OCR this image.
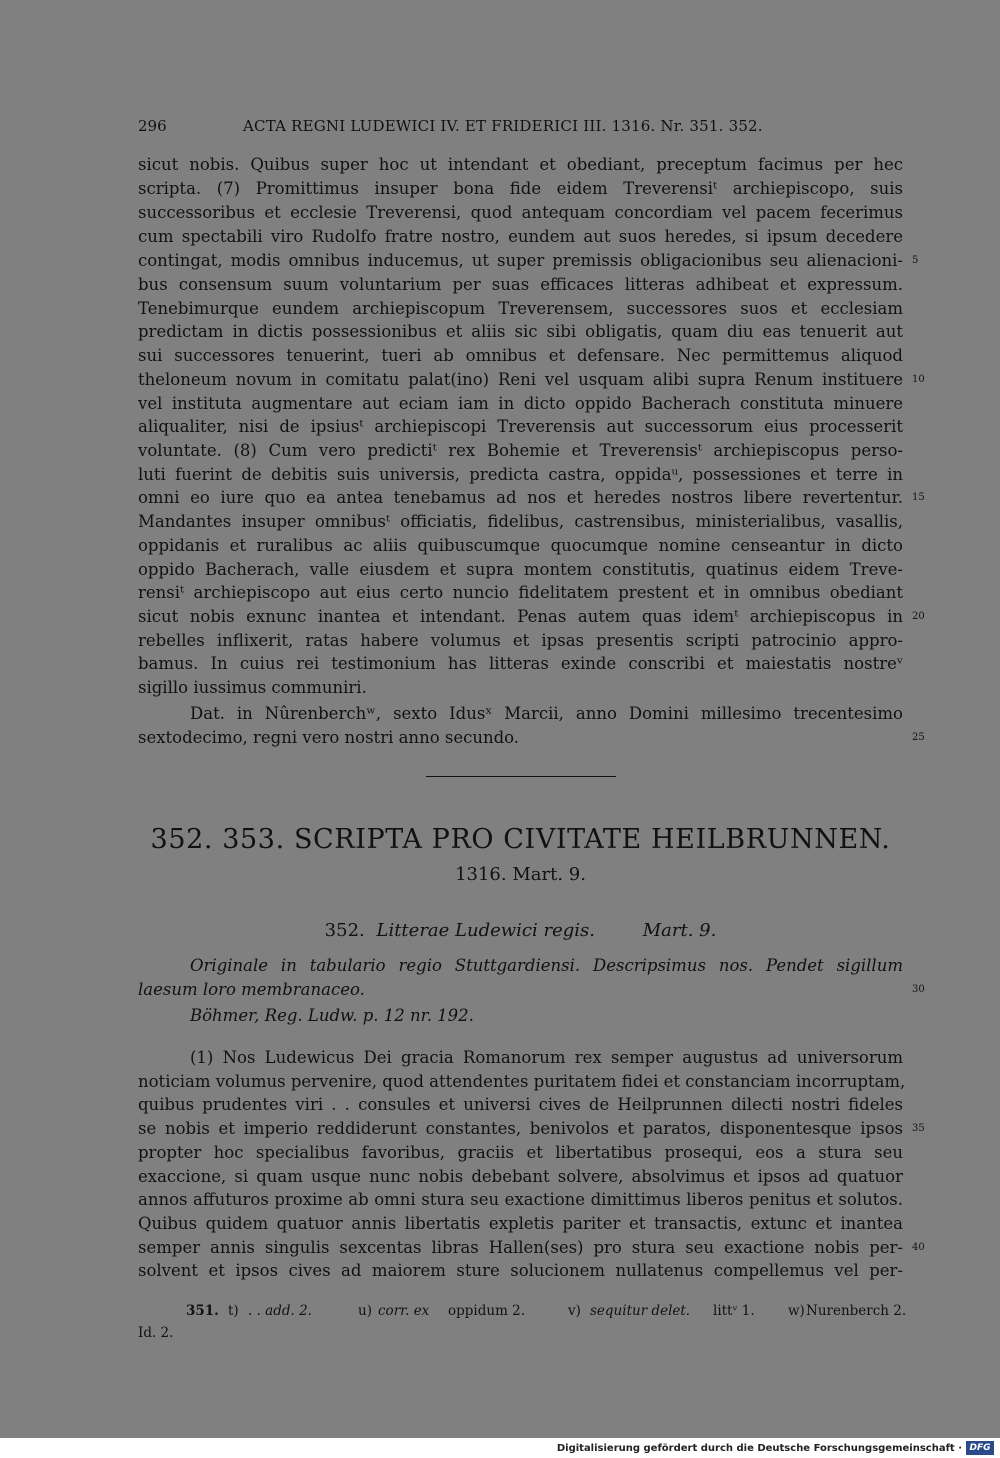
296	ACTA REGNI LUDEWICI IV. ET FRIDERICI III. 1316. Nr. 351. 352.
sicut nobis. Quibus super hoc ut intendant et obediant, preceptum facimus per hec
scripta. (7) Promittimus insuper bona fide eidem Treverensiᵗ archiepiscopo, suis
successoribus et ecclesie Treverensi, quod antequam concordiam vel pacem fecerimus
cum spectabili viro Rudolfo fratre nostro, eundem aut suos heredes, si ipsum decedere
contingat, modis omnibus inducemus, ut super premissis obligacionibus seu alienacioni-
bus consensum suum voluntarium per suas efficaces litteras adhibeat et expressum.
Tenebimurque eundem archiepiscopum Treverensem, successores suos et ecclesiam
predictam in dictis possessionibus et aliis sic sibi obligatis, quam diu eas tenuerit aut
sui successores tenuerint, tueri ab omnibus et defensare. Nec permittemus aliquod
theloneum novum in comitatu palat(ino) Reni vel usquam alibi supra Renum instituere
vel instituta augmentare aut eciam iam in dicto oppido Bacherach constituta minuere
aliqualiter, nisi de ipsiusᵗ archiepiscopi Treverensis aut successorum eius processerit
voluntate. (8) Cum vero predictiᵗ rex Bohemie et Treverensisᵗ archiepiscopus perso-
luti fuerint de debitis suis universis, predicta castra, oppidaᵘ, possessiones et terre in
omni eo iure quo ea antea tenebamus ad nos et heredes nostros libere revertentur.
Mandantes insuper omnibusᵗ officiatis, fidelibus, castrensibus, ministerialibus, vasallis,
oppidanis et ruralibus ac aliis quibuscumque quocumque nomine censeantur in dicto
oppido Bacherach, valle eiusdem et supra montem constitutis, quatinus eidem Treve-
rensiᵗ archiepiscopo aut eius certo nuncio fidelitatem prestent et in omnibus obediant
sicut nobis exnunc inantea et intendant. Penas autem quas idemᵗ archiepiscopus in
rebelles inflixerit, ratas habere volumus et ipsas presentis scripti patrocinio appro-
bamus. In cuius rei testimonium has litteras exinde conscribi et maiestatis nostreᵛ
sigillo iussimus communiri.
Dat. in Nûrenberchʷ, sexto Idusˣ Marcii, anno Domini millesimo trecentesimo
sextodecimo, regni vero nostri anno secundo.
5
10
15
20
25
352. 353. SCRIPTA PRO CIVITATE HEILBRUNNEN.
1316. Mart. 9.
352. Litterae Ludewici regis.	Mart. 9.
Originale in tabulario regio Stuttgardiensi. Descripsimus nos. Pendet sigillum
laesum loro membranaceo.
Böhmer, Reg. Ludw. p. 12 nr. 192.
(1) Nos Ludewicus Dei gracia Romanorum rex semper augustus ad universorum
noticiam volumus pervenire, quod attendentes puritatem fidei et constanciam incorruptam,
quibus prudentes viri . . consules et universi cives de Heilprunnen dilecti nostri fideles
se nobis et imperio reddiderunt constantes, benivolos et paratos, disponentesque ipsos
propter hoc specialibus favoribus, graciis et libertatibus prosequi, eos a stura seu
exaccione, si quam usque nunc nobis debebant solvere, absolvimus et ipsos ad quatuor
annos affuturos proxime ab omni stura seu exactione dimittimus liberos penitus et solutos.
Quibus quidem quatuor annis libertatis expletis pariter et transactis, extunc et inantea
semper annis singulis sexcentas libras Hallen(ses) pro stura seu exactione nobis per-
solvent et ipsos cives ad maiorem sture solucionem nullatenus compellemus vel per-
30
35
40
351. t) . . add. 2.	u) corr. ex oppidum 2.	v) sequitur delet. littᵛ 1. w) Nurenberch 2.
Id. 2.
Digitalisierung gefördert durch die Deutsche Forschungsgemeinschaft · DFG
